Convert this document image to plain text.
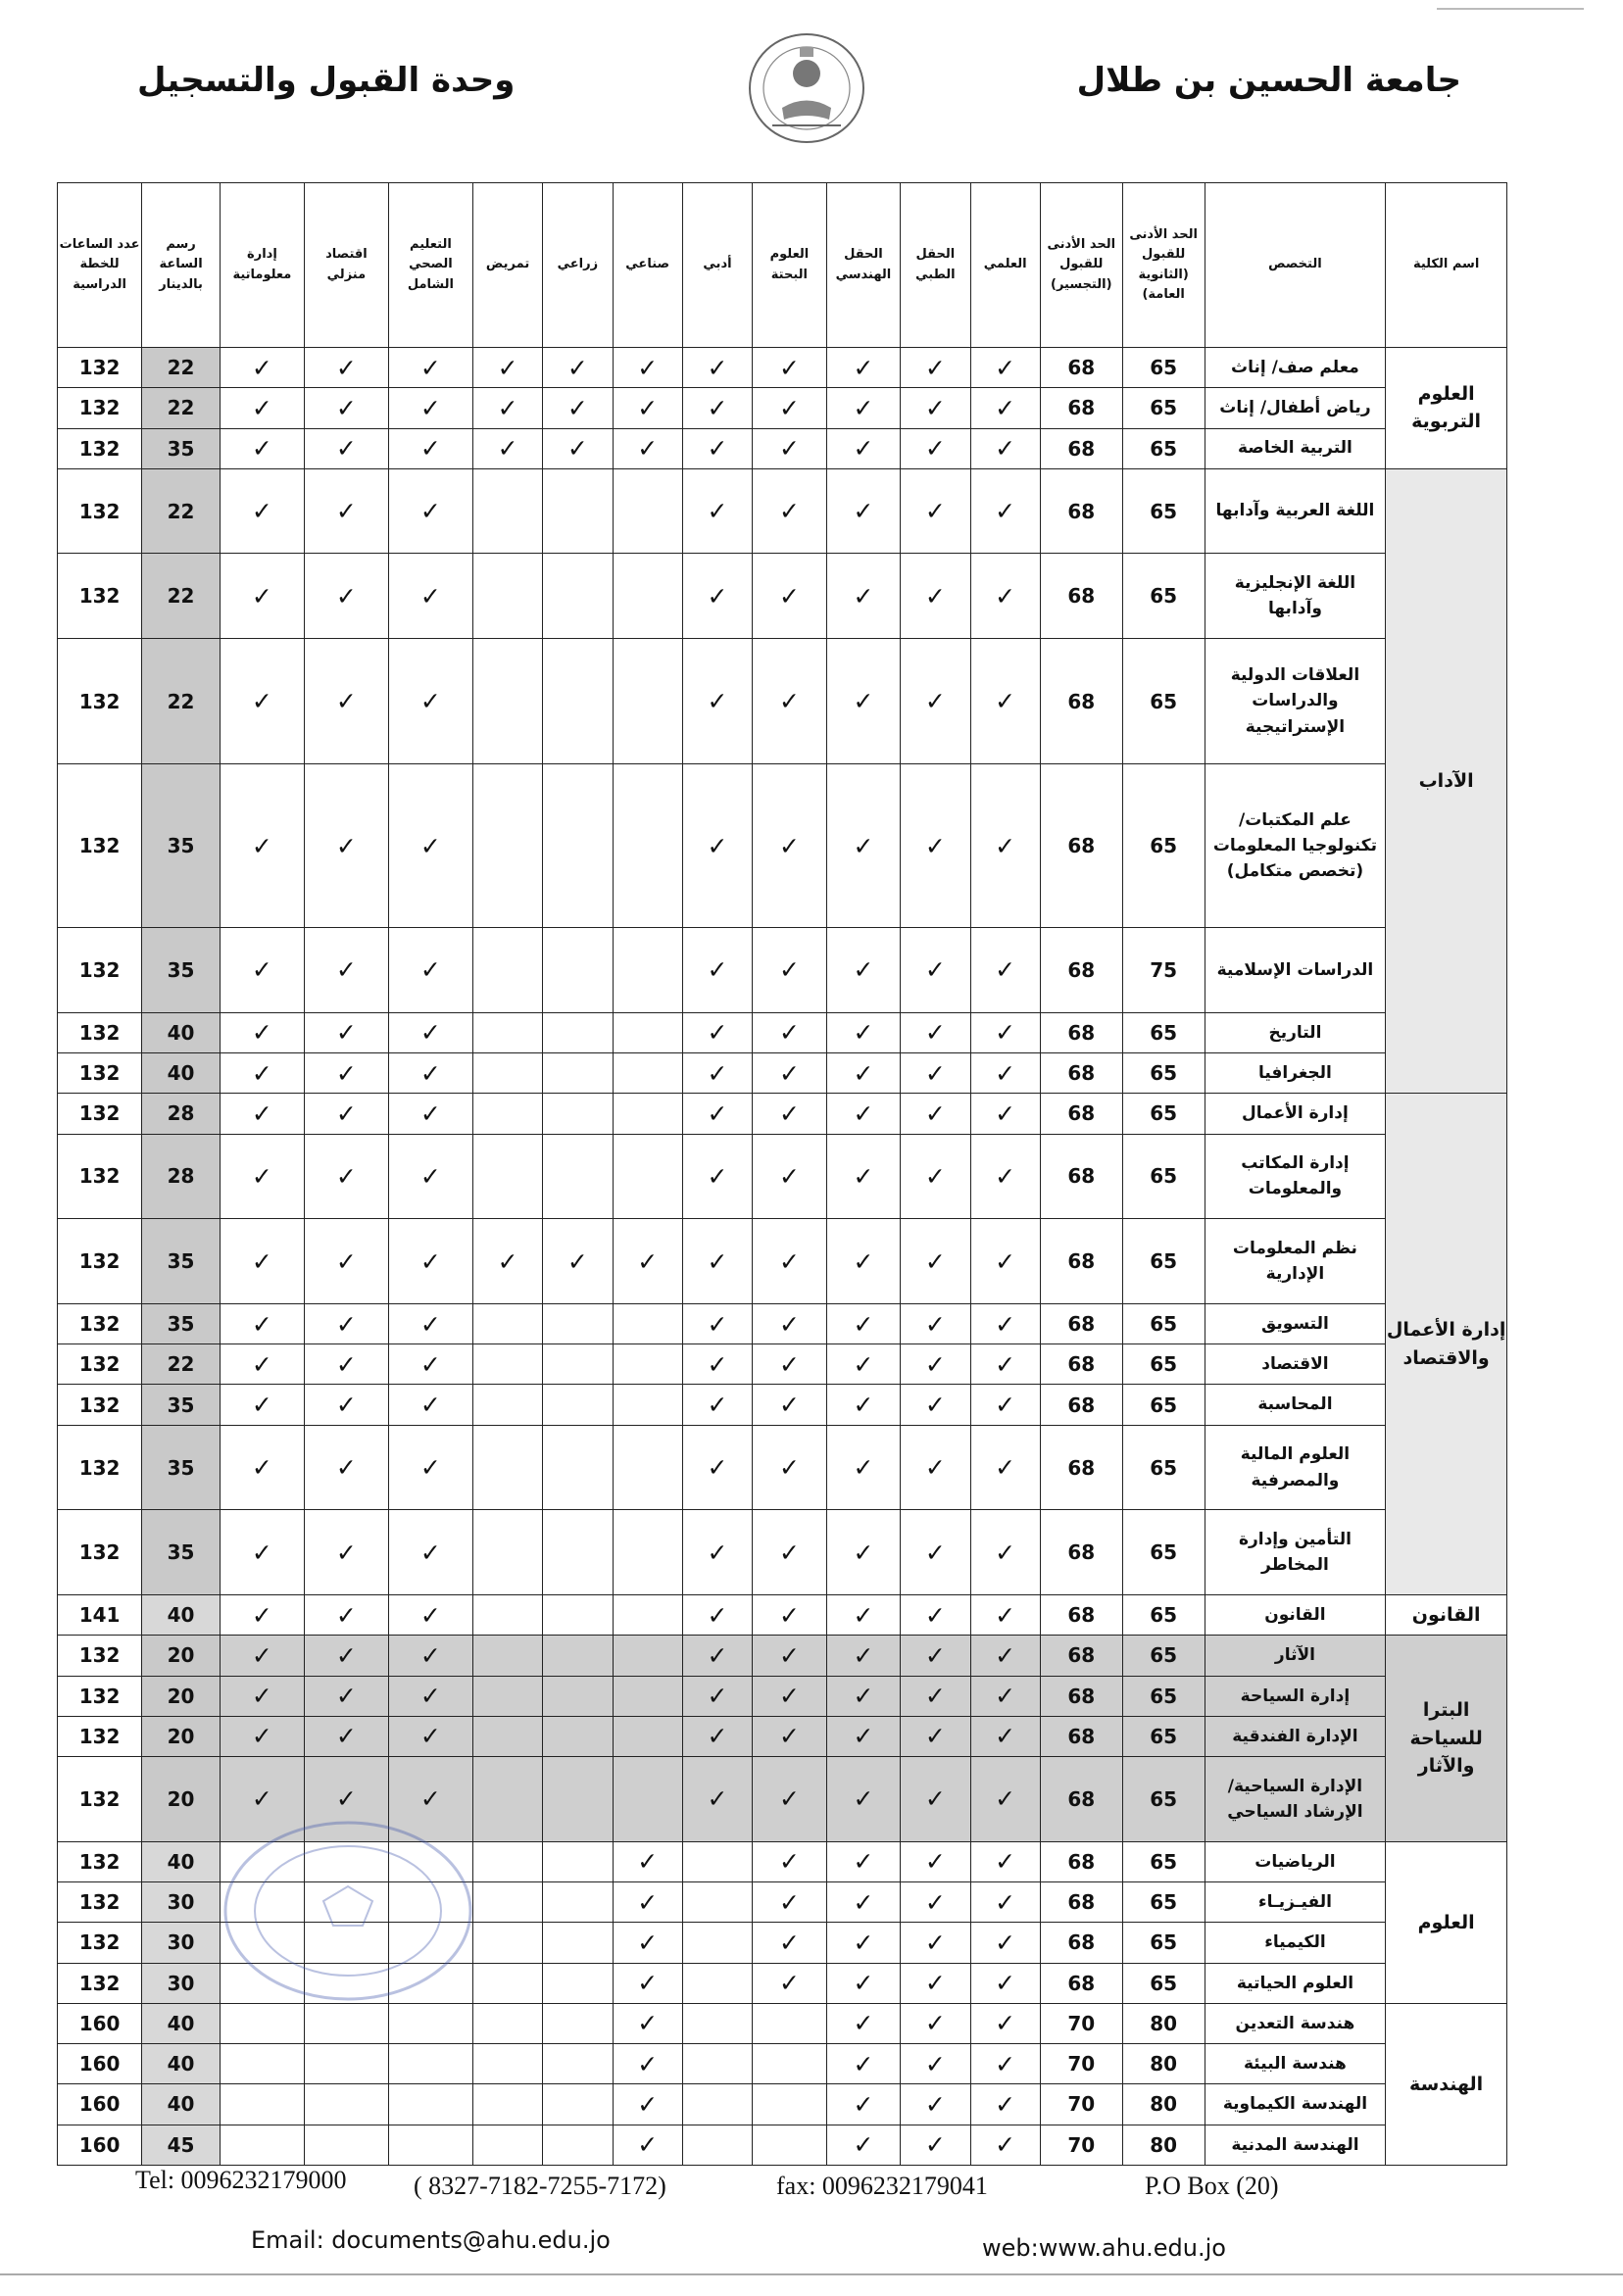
جامعة الحسين بن طلال
وحدة القبول والتسجيل
اسم الكلية	التخصص	الحد الأدنى للقبول (الثانوية العامة)	الحد الأدنى للقبول (التجسير)	العلمي	الحقل الطبي	الحقل الهندسي	العلوم البحتة	أدبي	صناعي	زراعي	تمريض	التعليم الصحي الشامل	اقتصاد منزلي	إدارة معلوماتية	رسم الساعة بالدينار	عدد الساعات للخطة الدراسية
العلوم التربوية	معلم صف/ إناث	65	68	✓	✓	✓	✓	✓	✓	✓	✓	✓	✓	✓	22	132
	رياض أطفال/ إناث	65	68	✓	✓	✓	✓	✓	✓	✓	✓	✓	✓	✓	22	132
	التربية الخاصة	65	68	✓	✓	✓	✓	✓	✓	✓	✓	✓	✓	✓	35	132
الآداب	اللغة العربية وآدابها	65	68	✓	✓	✓	✓	✓				✓	✓	✓	22	132
	اللغة الإنجليزية وآدابها	65	68	✓	✓	✓	✓	✓				✓	✓	✓	22	132
	العلاقات الدولية والدراسات الإستراتيجية	65	68	✓	✓	✓	✓	✓				✓	✓	✓	22	132
	علم المكتبات/ تكنولوجيا المعلومات (تخصص متكامل)	65	68	✓	✓	✓	✓	✓				✓	✓	✓	35	132
	الدراسات الإسلامية	75	68	✓	✓	✓	✓	✓				✓	✓	✓	35	132
	التاريخ	65	68	✓	✓	✓	✓	✓				✓	✓	✓	40	132
	الجغرافيا	65	68	✓	✓	✓	✓	✓				✓	✓	✓	40	132
إدارة الأعمال والاقتصاد	إدارة الأعمال	65	68	✓	✓	✓	✓	✓				✓	✓	✓	28	132
	إدارة المكاتب والمعلومات	65	68	✓	✓	✓	✓	✓				✓	✓	✓	28	132
	نظم المعلومات الإدارية	65	68	✓	✓	✓	✓	✓	✓	✓	✓	✓	✓	✓	35	132
	التسويق	65	68	✓	✓	✓	✓	✓				✓	✓	✓	35	132
	الاقتصاد	65	68	✓	✓	✓	✓	✓				✓	✓	✓	22	132
	المحاسبة	65	68	✓	✓	✓	✓	✓				✓	✓	✓	35	132
	العلوم المالية والمصرفية	65	68	✓	✓	✓	✓	✓				✓	✓	✓	35	132
	التأمين وإدارة المخاطر	65	68	✓	✓	✓	✓	✓				✓	✓	✓	35	132
القانون	القانون	65	68	✓	✓	✓	✓	✓				✓	✓	✓	40	141
البترا للسياحة والآثار	الآثار	65	68	✓	✓	✓	✓	✓				✓	✓	✓	20	132
	إدارة السياحة	65	68	✓	✓	✓	✓	✓				✓	✓	✓	20	132
	الإدارة الفندقية	65	68	✓	✓	✓	✓	✓				✓	✓	✓	20	132
	الإدارة السياحية/ الإرشاد السياحي	65	68	✓	✓	✓	✓	✓				✓	✓	✓	20	132
العلوم	الرياضيات	65	68	✓	✓	✓	✓		✓						40	132
	الفيـزيـاء	65	68	✓	✓	✓	✓		✓						30	132
	الكيمياء	65	68	✓	✓	✓	✓		✓						30	132
	العلوم الحياتية	65	68	✓	✓	✓	✓		✓						30	132
الهندسة	هندسة التعدين	80	70	✓	✓	✓			✓						40	160
	هندسة البيئة	80	70	✓	✓	✓			✓						40	160
	الهندسة الكيماوية	80	70	✓	✓	✓			✓						40	160
	الهندسة المدنية	80	70	✓	✓	✓			✓						45	160
Tel: 0096232179000	( 8327-7182-7255-7172)	fax: 0096232179041	P.O Box (20)
Email: documents@ahu.edu.jo	web:www.ahu.edu.jo
